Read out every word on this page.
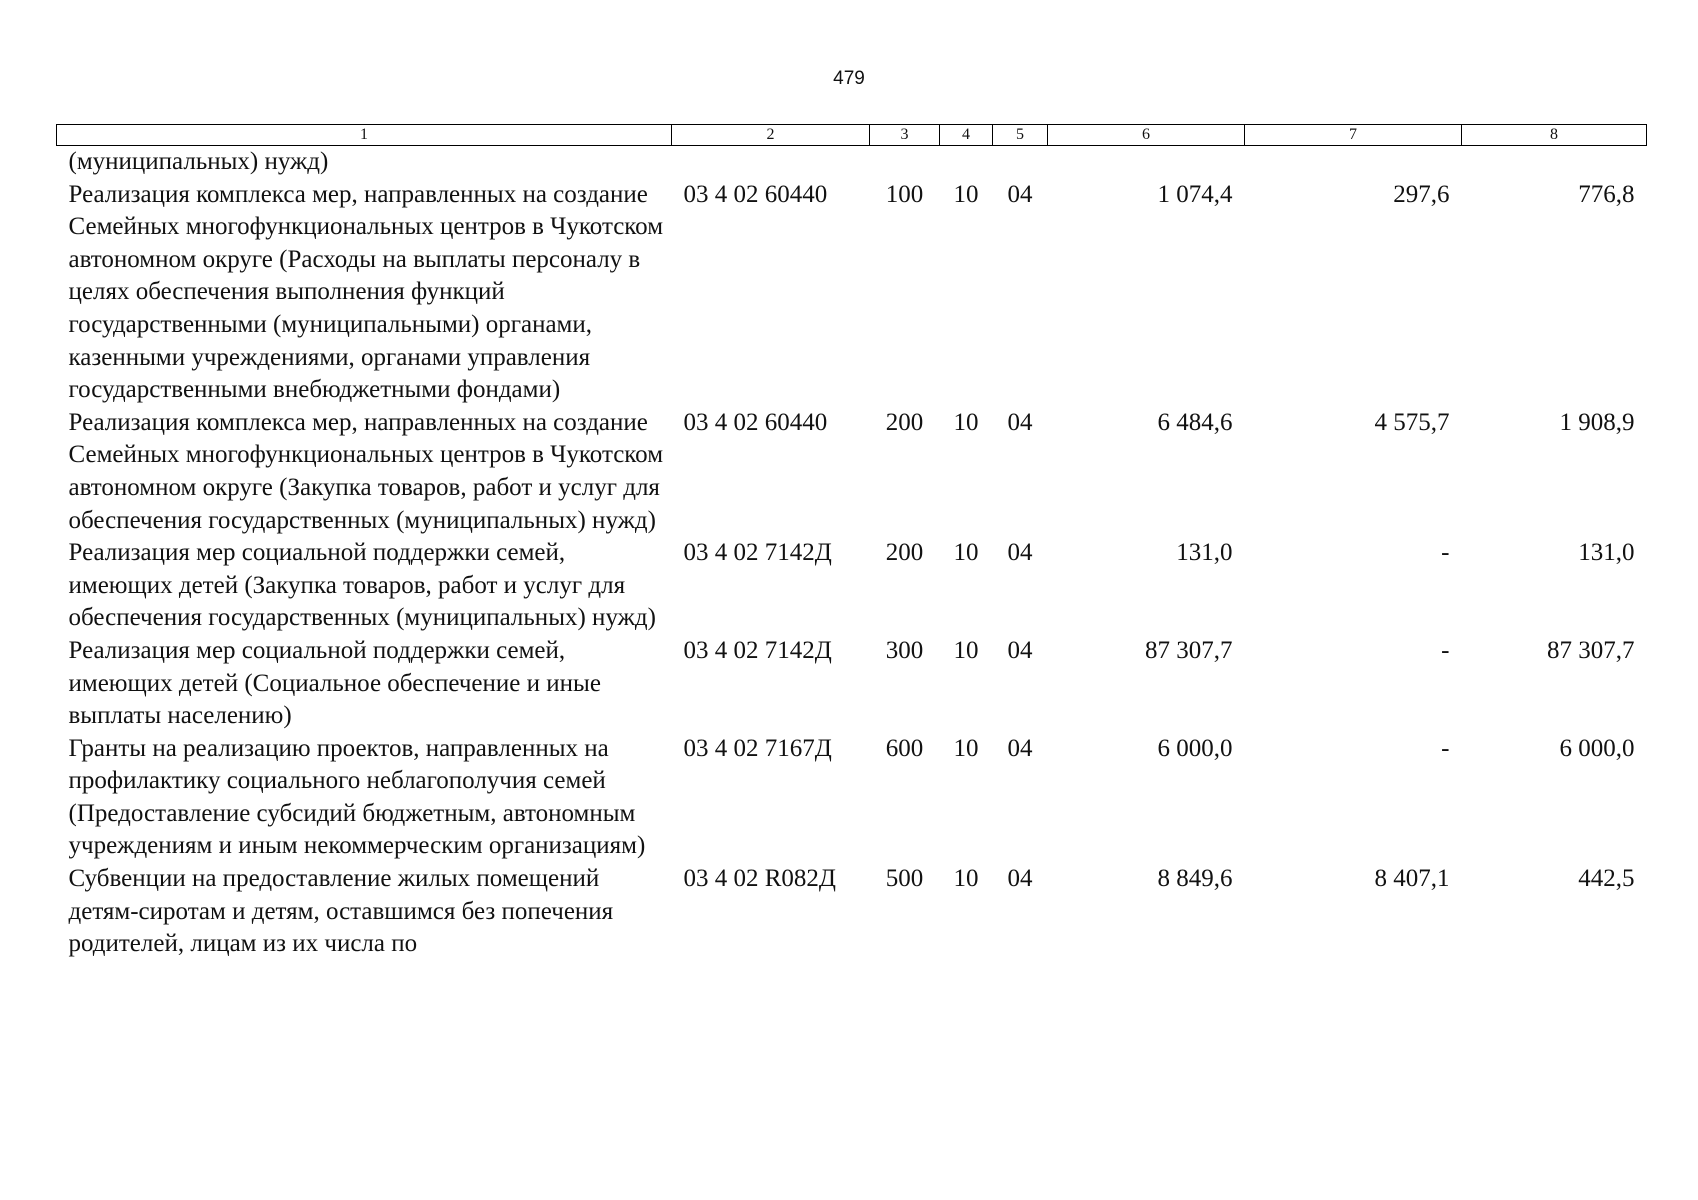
479
1	2	3	4	5	6	7	8
(муниципальных) нужд)							
Реализация комплекса мер, направленных на создание Семейных многофункциональных центров в Чукотском автономном округе (Расходы на выплаты персоналу в целях обеспечения выполнения функций государственными (муниципальными) органами, казенными учреждениями, органами управления государственными внебюджетными фондами)	03 4 02 60440	100	10	04	1 074,4	297,6	776,8
Реализация комплекса мер, направленных на создание Семейных многофункциональных центров в Чукотском автономном округе (Закупка товаров, работ и услуг для обеспечения государственных (муниципальных) нужд)	03 4 02 60440	200	10	04	6 484,6	4 575,7	1 908,9
Реализация мер социальной поддержки семей, имеющих детей (Закупка товаров, работ и услуг для обеспечения государственных (муниципальных) нужд)	03 4 02 7142Д	200	10	04	131,0	-	131,0
Реализация мер социальной поддержки семей, имеющих детей (Социальное обеспечение и иные выплаты населению)	03 4 02 7142Д	300	10	04	87 307,7	-	87 307,7
Гранты на реализацию проектов, направленных на профилактику социального неблагополучия семей (Предоставление субсидий бюджетным, автономным учреждениям и иным некоммерческим организациям)	03 4 02 7167Д	600	10	04	6 000,0	-	6 000,0
Субвенции на предоставление жилых помещений детям-сиротам и детям, оставшимся без попечения родителей, лицам из их числа по	03 4 02 R082Д	500	10	04	8 849,6	8 407,1	442,5
